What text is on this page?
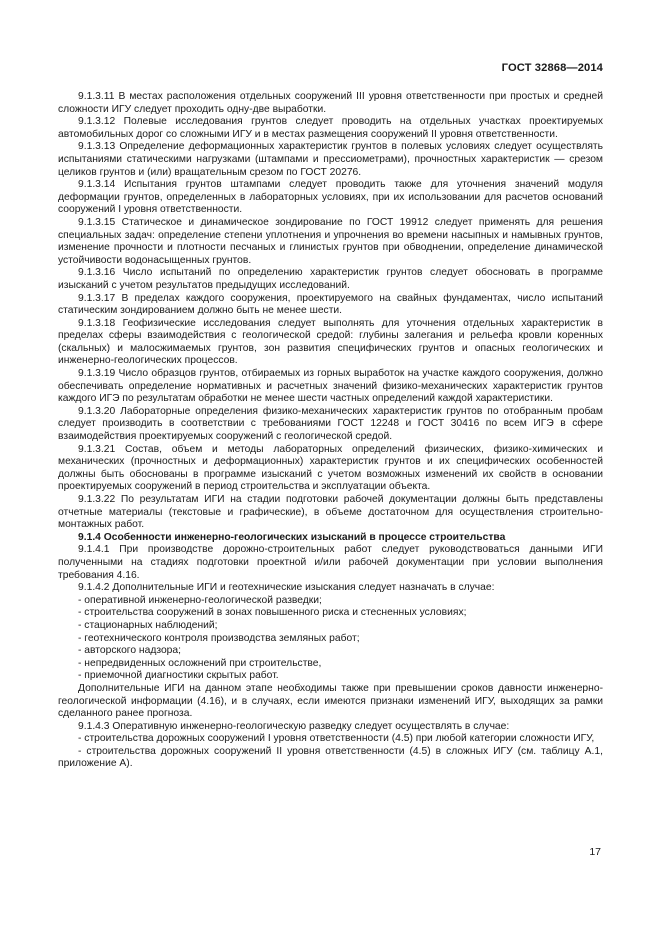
ГОСТ 32868—2014

9.1.3.11 В местах расположения отдельных сооружений III уровня ответственности при простых и средней сложности ИГУ следует проходить одну-две выработки.

9.1.3.12 Полевые исследования грунтов следует проводить на отдельных участках проектируемых автомобильных дорог со сложными ИГУ и в местах размещения сооружений II уровня ответственности.

9.1.3.13 Определение деформационных характеристик грунтов в полевых условиях следует осуществлять испытаниями статическими нагрузками (штампами и прессиометрами), прочностных характеристик — срезом целиков грунтов и (или) вращательным срезом по ГОСТ 20276.

9.1.3.14 Испытания грунтов штампами следует проводить также для уточнения значений модуля деформации грунтов, определенных в лабораторных условиях, при их использовании для расчетов оснований сооружений I уровня ответственности.

9.1.3.15 Статическое и динамическое зондирование по ГОСТ 19912 следует применять для решения специальных задач: определение степени уплотнения и упрочнения во времени насыпных и намывных грунтов, изменение прочности и плотности песчаных и глинистых грунтов при обводнении, определение динамической устойчивости водонасыщенных грунтов.

9.1.3.16 Число испытаний по определению характеристик грунтов следует обосновать в программе изысканий с учетом результатов предыдущих исследований.

9.1.3.17 В пределах каждого сооружения, проектируемого на свайных фундаментах, число испытаний статическим зондированием должно быть не менее шести.

9.1.3.18 Геофизические исследования следует выполнять для уточнения отдельных характеристик в пределах сферы взаимодействия с геологической средой: глубины залегания и рельефа кровли коренных (скальных) и малосжимаемых грунтов, зон развития специфических грунтов и опасных геологических и инженерно-геологических процессов.

9.1.3.19 Число образцов грунтов, отбираемых из горных выработок на участке каждого сооружения, должно обеспечивать определение нормативных и расчетных значений физико-механических характеристик грунтов каждого ИГЭ по результатам обработки не менее шести частных определений каждой характеристики.

9.1.3.20 Лабораторные определения физико-механических характеристик грунтов по отобранным пробам следует производить в соответствии с требованиями ГОСТ 12248 и ГОСТ 30416 по всем ИГЭ в сфере взаимодействия проектируемых сооружений с геологической средой.

9.1.3.21 Состав, объем и методы лабораторных определений физических, физико-химических и механических (прочностных и деформационных) характеристик грунтов и их специфических особенностей должны быть обоснованы в программе изысканий с учетом возможных изменений их свойств в основании проектируемых сооружений в период строительства и эксплуатации объекта.

9.1.3.22 По результатам ИГИ на стадии подготовки рабочей документации должны быть представлены отчетные материалы (текстовые и графические), в объеме достаточном для осуществления строительно-монтажных работ.

9.1.4 Особенности инженерно-геологических изысканий в процессе строительства

9.1.4.1 При производстве дорожно-строительных работ следует руководствоваться данными ИГИ полученными на стадиях подготовки проектной и/или рабочей документации при условии выполнения требования 4.16.

9.1.4.2 Дополнительные ИГИ и геотехнические изыскания следует назначать в случае:

- оперативной инженерно-геологической разведки;

- строительства сооружений в зонах повышенного риска и стесненных условиях;

- стационарных наблюдений;

- геотехнического контроля производства земляных работ;

- авторского надзора;

- непредвиденных осложнений при строительстве,

- приемочной диагностики скрытых работ.

Дополнительные ИГИ на данном этапе необходимы также при превышении сроков давности инженерно-геологической информации (4.16), и в случаях, если имеются признаки изменений ИГУ, выходящих за рамки сделанного ранее прогноза.

9.1.4.3 Оперативную инженерно-геологическую разведку следует осуществлять в случае:

- строительства дорожных сооружений I уровня ответственности (4.5) при любой категории сложности ИГУ,

- строительства дорожных сооружений II уровня ответственности (4.5) в сложных ИГУ (см. таблицу А.1, приложение А).

17
